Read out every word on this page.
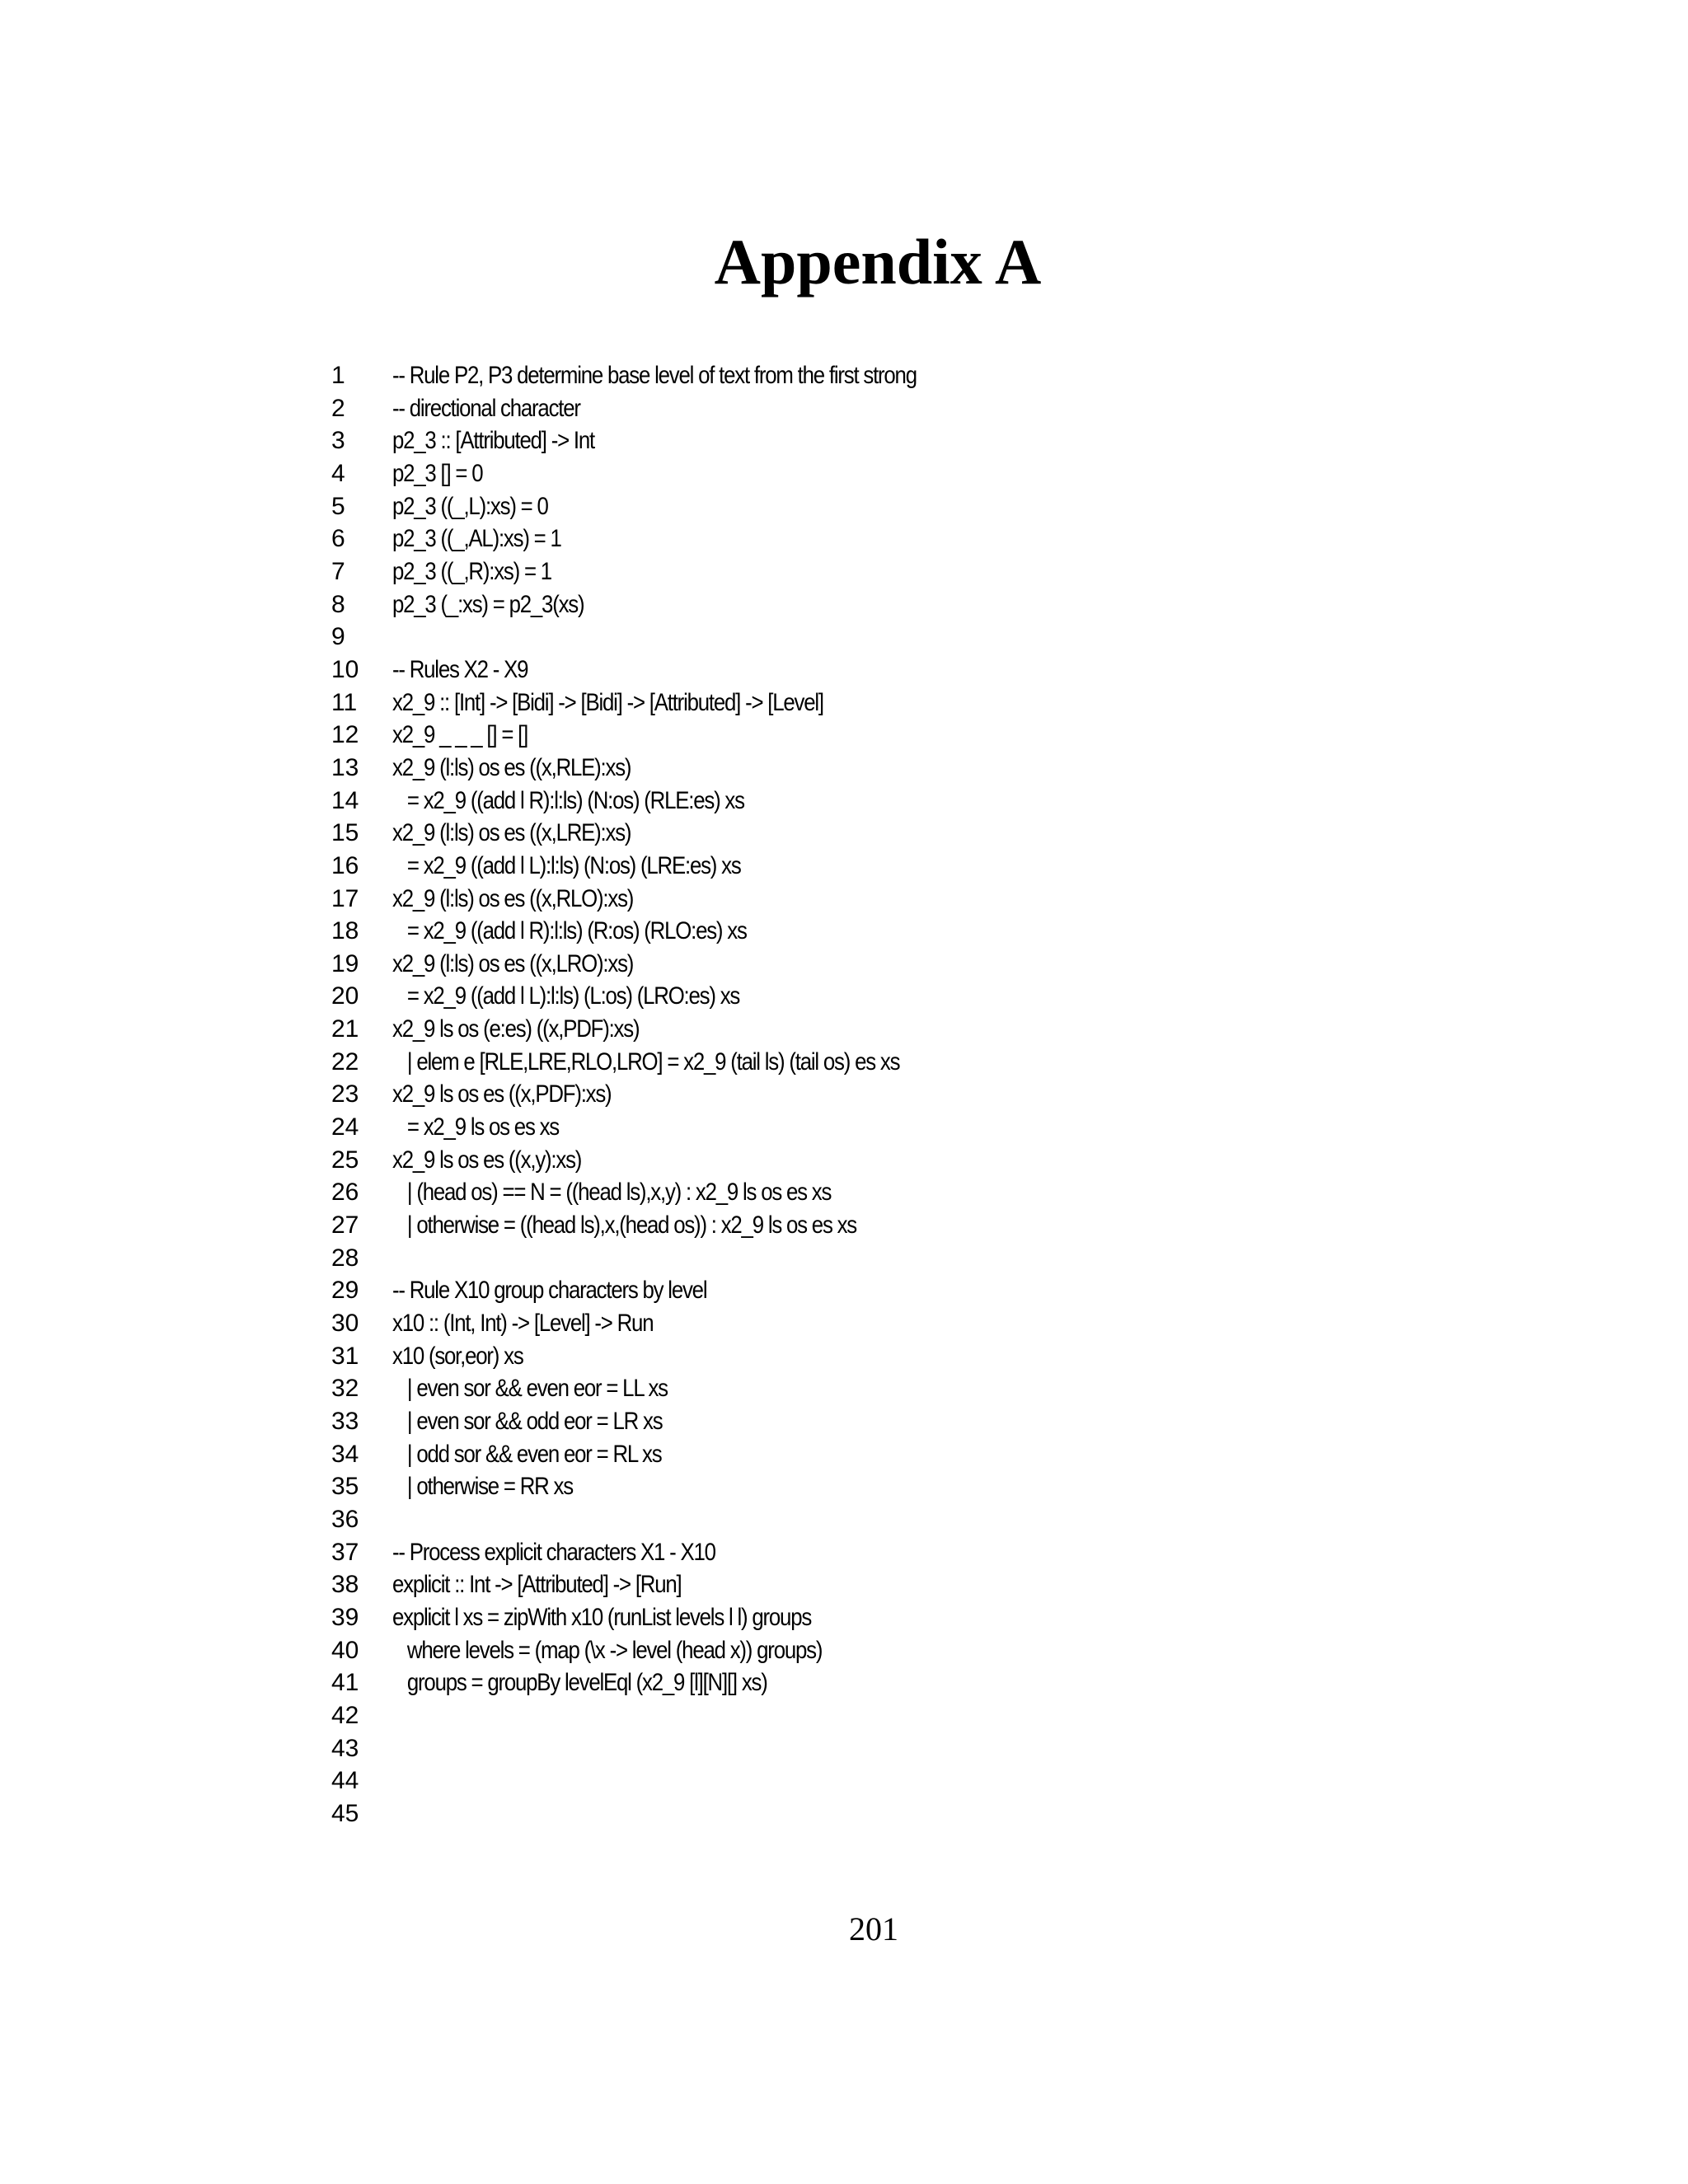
Appendix A
1	-- Rule P2, P3 determine base level of text from the first strong
2	-- directional character
3	p2_3 :: [Attributed] -> Int
4	p2_3 [] = 0
5	p2_3 ((_,L):xs) = 0
6	p2_3 ((_,AL):xs) = 1
7	p2_3 ((_,R):xs) = 1
8	p2_3 (_:xs) = p2_3(xs)
9
10	-- Rules X2 - X9
11	x2_9 :: [Int] -> [Bidi] -> [Bidi] -> [Attributed] -> [Level]
12	x2_9 _ _ _ [] = []
13	x2_9 (l:ls) os es ((x,RLE):xs)
14	= x2_9 ((add l R):l:ls) (N:os) (RLE:es) xs
15	x2_9 (l:ls) os es ((x,LRE):xs)
16	= x2_9 ((add l L):l:ls) (N:os) (LRE:es) xs
17	x2_9 (l:ls) os es ((x,RLO):xs)
18	= x2_9 ((add l R):l:ls) (R:os) (RLO:es) xs
19	x2_9 (l:ls) os es ((x,LRO):xs)
20	= x2_9 ((add l L):l:ls) (L:os) (LRO:es) xs
21	x2_9 ls os (e:es) ((x,PDF):xs)
22	| elem e [RLE,LRE,RLO,LRO] = x2_9 (tail ls) (tail os) es xs
23	x2_9 ls os es ((x,PDF):xs)
24	= x2_9 ls os es xs
25	x2_9 ls os es ((x,y):xs)
26	| (head os) == N = ((head ls),x,y) : x2_9 ls os es xs
27	| otherwise = ((head ls),x,(head os)) : x2_9 ls os es xs
28
29	-- Rule X10 group characters by level
30	x10 :: (Int, Int) -> [Level] -> Run
31	x10 (sor,eor) xs
32	| even sor && even eor = LL xs
33	| even sor && odd eor = LR xs
34	| odd sor && even eor = RL xs
35	| otherwise = RR xs
36
37	-- Process explicit characters X1 - X10
38	explicit :: Int -> [Attributed] -> [Run]
39	explicit l xs = zipWith x10 (runList levels l l) groups
40	where levels = (map (\x -> level (head x)) groups)
41	groups = groupBy levelEql (x2_9 [l][N][] xs)
42
43
44
45
201
